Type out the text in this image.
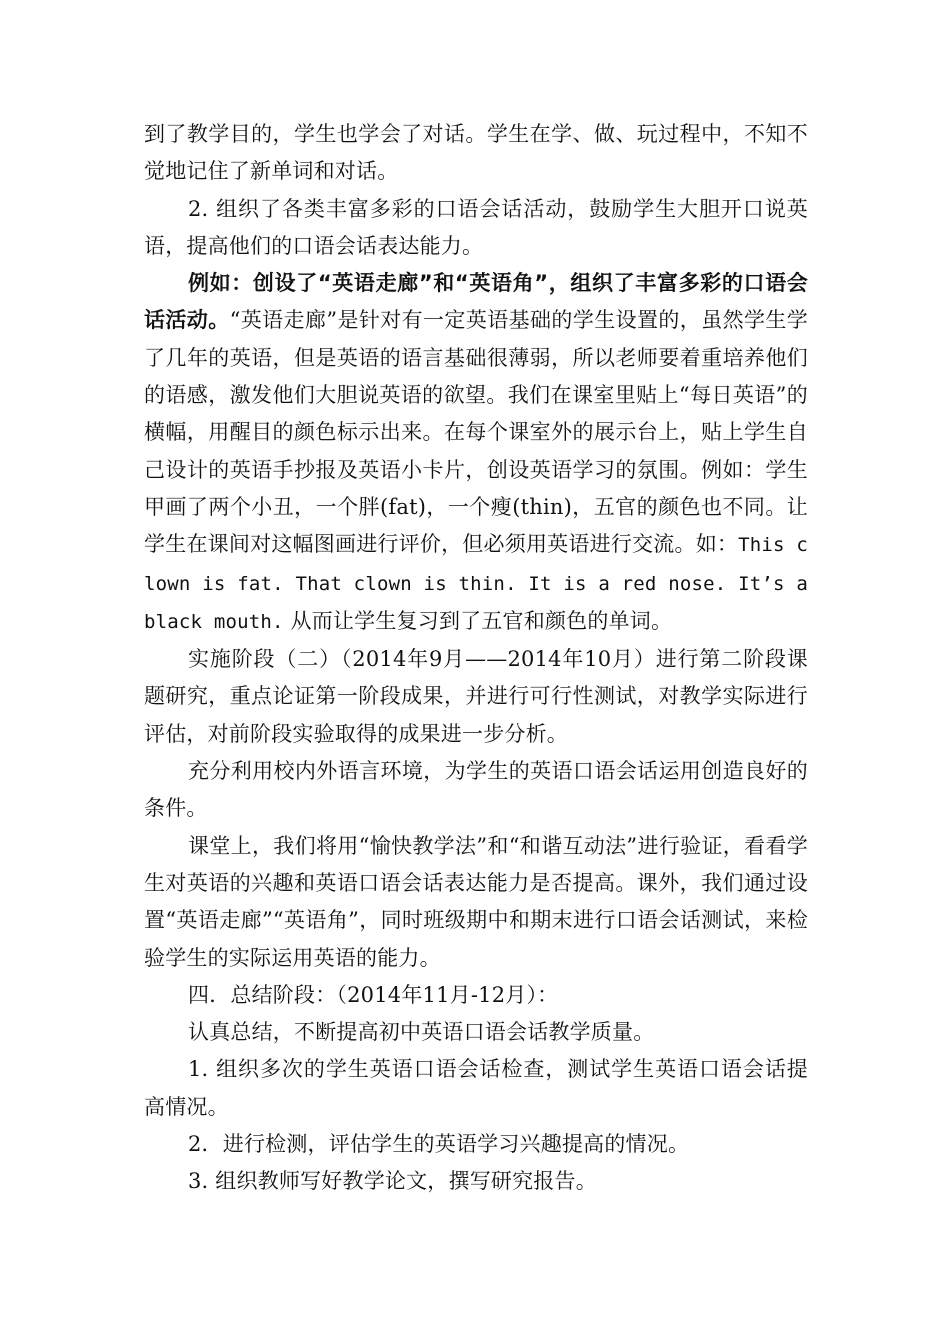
到了教学目的，学生也学会了对话。学生在学、做、玩过程中，不知不觉地记住了新单词和对话。

2. 组织了各类丰富多彩的口语会话活动，鼓励学生大胆开口说英语，提高他们的口语会话表达能力。

例如：创设了“英语走廊”和“英语角”，组织了丰富多彩的口语会话活动。“英语走廊”是针对有一定英语基础的学生设置的，虽然学生学了几年的英语，但是英语的语言基础很薄弱，所以老师要着重培养他们的语感，激发他们大胆说英语的欲望。我们在课室里贴上“每日英语”的横幅，用醒目的颜色标示出来。在每个课室外的展示台上，贴上学生自己设计的英语手抄报及英语小卡片，创设英语学习的氛围。例如：学生甲画了两个小丑，一个胖(fat)，一个瘦(thin)，五官的颜色也不同。让学生在课间对这幅图画进行评价，但必须用英语进行交流。如：This clown is fat. That clown is thin. It is a red nose. It’s a black mouth. 从而让学生复习到了五官和颜色的单词。

实施阶段（二）（2014年9月——2014年10月）进行第二阶段课题研究，重点论证第一阶段成果，并进行可行性测试，对教学实际进行评估，对前阶段实验取得的成果进一步分析。

充分利用校内外语言环境，为学生的英语口语会话运用创造良好的条件。

课堂上，我们将用“愉快教学法”和“和谐互动法”进行验证，看看学生对英语的兴趣和英语口语会话表达能力是否提高。课外，我们通过设置“英语走廊”“英语角”，同时班级期中和期末进行口语会话测试，来检验学生的实际运用英语的能力。

四．总结阶段：（2014年11月-12月）：

认真总结，不断提高初中英语口语会话教学质量。

1. 组织多次的学生英语口语会话检查，测试学生英语口语会话提高情况。

2．进行检测，评估学生的英语学习兴趣提高的情况。

3. 组织教师写好教学论文，撰写研究报告。
